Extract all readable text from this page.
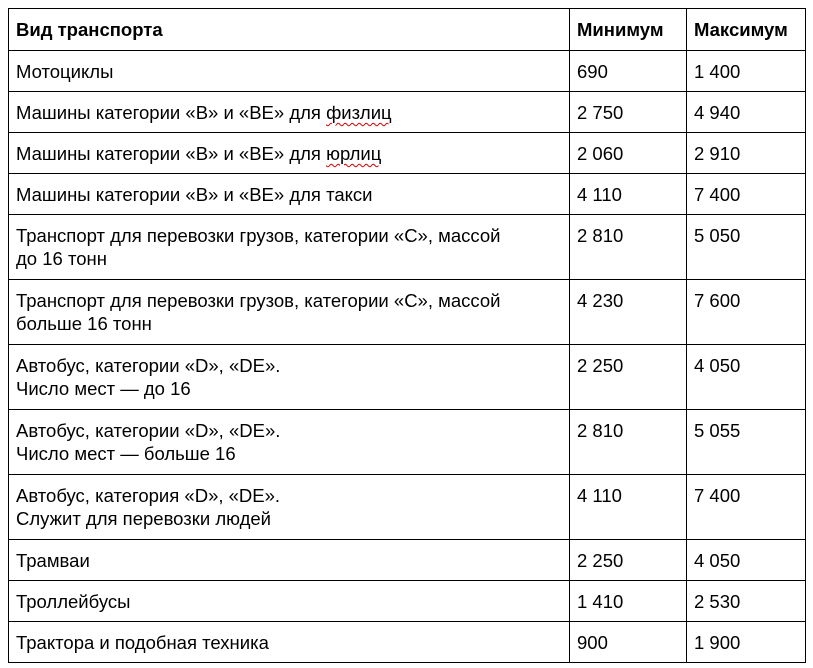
Вид транспорта	Минимум	Максимум

Мотоциклы	690	1 400
Машины категории «В» и «ВЕ» для физлиц	2 750	4 940
Машины категории «В» и «ВЕ» для юрлиц	2 060	2 910

Машины категории «В» и «ВЕ» для такси	4 110	7 400

Транспорт для перевозки грузов, категории «С», массой
до 16 тонн	2 810	5 050

Транспорт для перевозки грузов, категории «С», массой
больше 16 тонн	4 230	7 600

Автобус, категории «D», «DE».
Число мест — до 16	2 250	4 050

Автобус, категории «D», «DE».
Число мест — больше 16	2 810	5 055

Автобус, категория «D», «DE».
Служит для перевозки людей	4 110	7 400

Трамваи	2 250	4 050

Троллейбусы	1 410	2 530

Трактора и подобная техника	900	1 900
